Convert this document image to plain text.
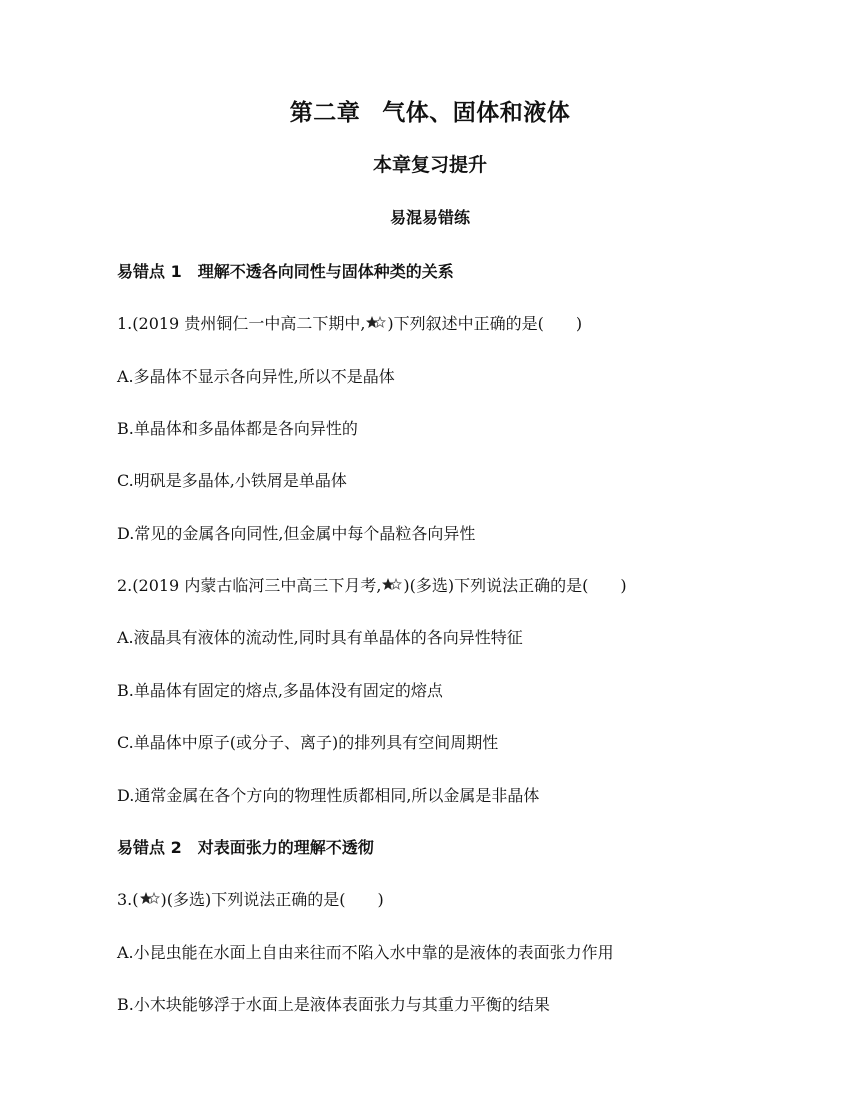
第二章 气体、固体和液体
本章复习提升
易混易错练
易错点 1 理解不透各向同性与固体种类的关系
1.(2019 贵州铜仁一中高二下期中, )下列叙述中正确的是(　　)
A.多晶体不显示各向异性,所以不是晶体
B.单晶体和多晶体都是各向异性的
C.明矾是多晶体,小铁屑是单晶体
D.常见的金属各向同性,但金属中每个晶粒各向异性
2.(2019 内蒙古临河三中高三下月考, )(多选)下列说法正确的是(　　)
A.液晶具有液体的流动性,同时具有单晶体的各向异性特征
B.单晶体有固定的熔点,多晶体没有固定的熔点
C.单晶体中原子(或分子、离子)的排列具有空间周期性
D.通常金属在各个方向的物理性质都相同,所以金属是非晶体
易错点 2 对表面张力的理解不透彻
3.( )(多选)下列说法正确的是(　　)
A.小昆虫能在水面上自由来往而不陷入水中靠的是液体的表面张力作用
B.小木块能够浮于水面上是液体表面张力与其重力平衡的结果
